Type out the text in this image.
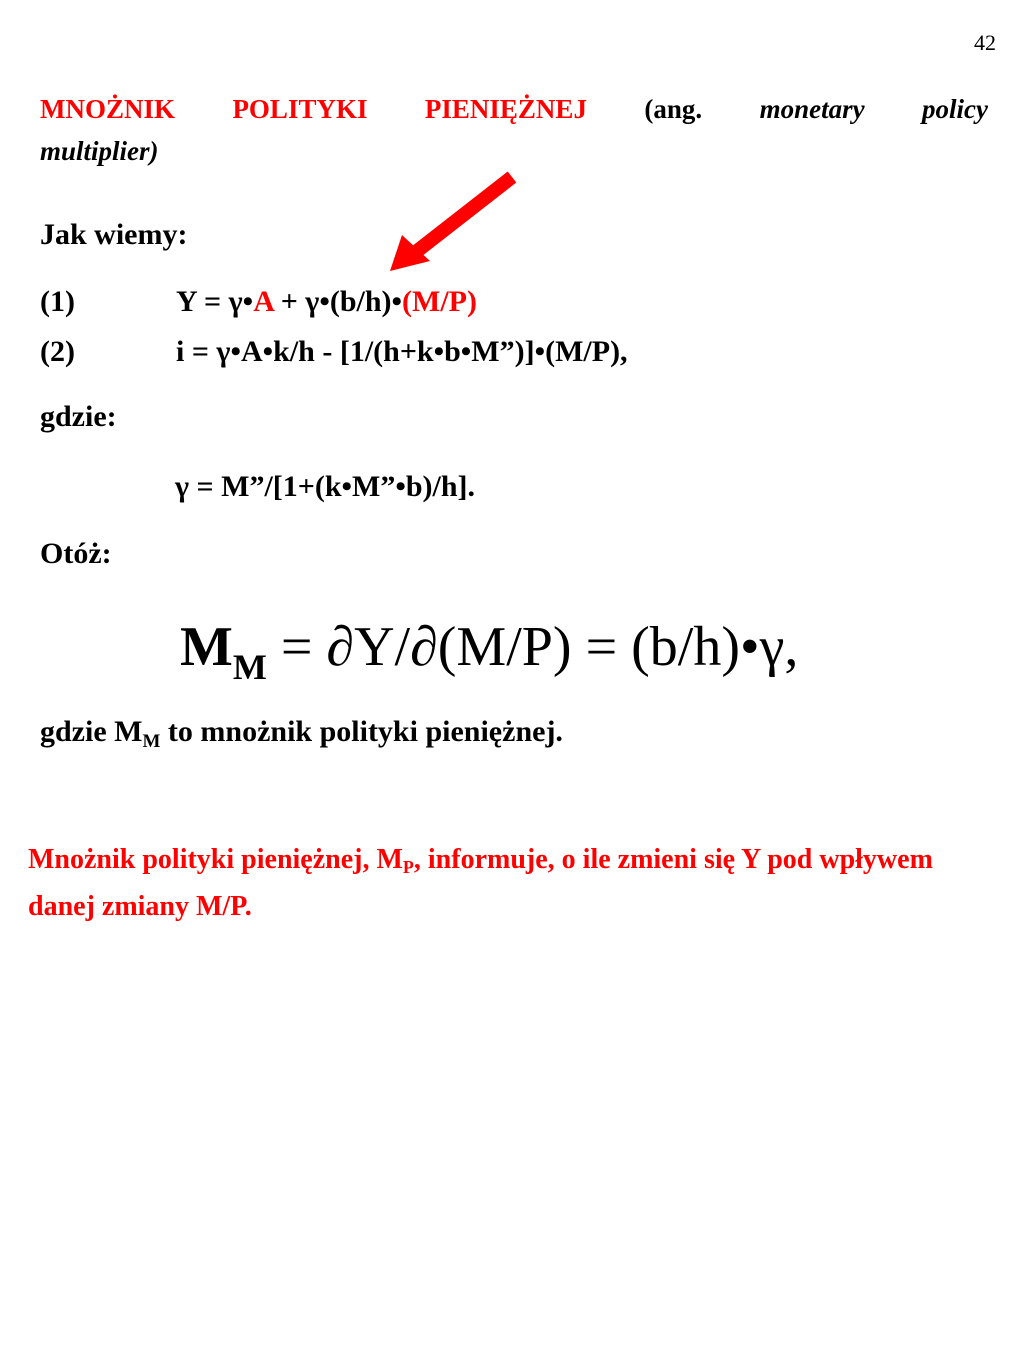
42
MNOŻNIK POLITYKI PIENIĘŻNEJ (ang. monetary policy
multiplier)
Jak wiemy:
(1)	Y = γ•A + γ•(b/h)•(M/P)
(2)	i = γ•A•k/h - [1/(h+k•b•M”)]•(M/P),
gdzie:
γ = M”/[1+(k•M”•b)/h].
Otóż:
$M_M = \partial Y/\partial(M/P)$ = (b/h)•γ,
gdzie $M_M$ to mnożnik polityki pieniężnej.
Mnożnik polityki pieniężnej, $M_P$, informuje, o ile zmieni się Y pod wpływem danej zmiany M/P.
